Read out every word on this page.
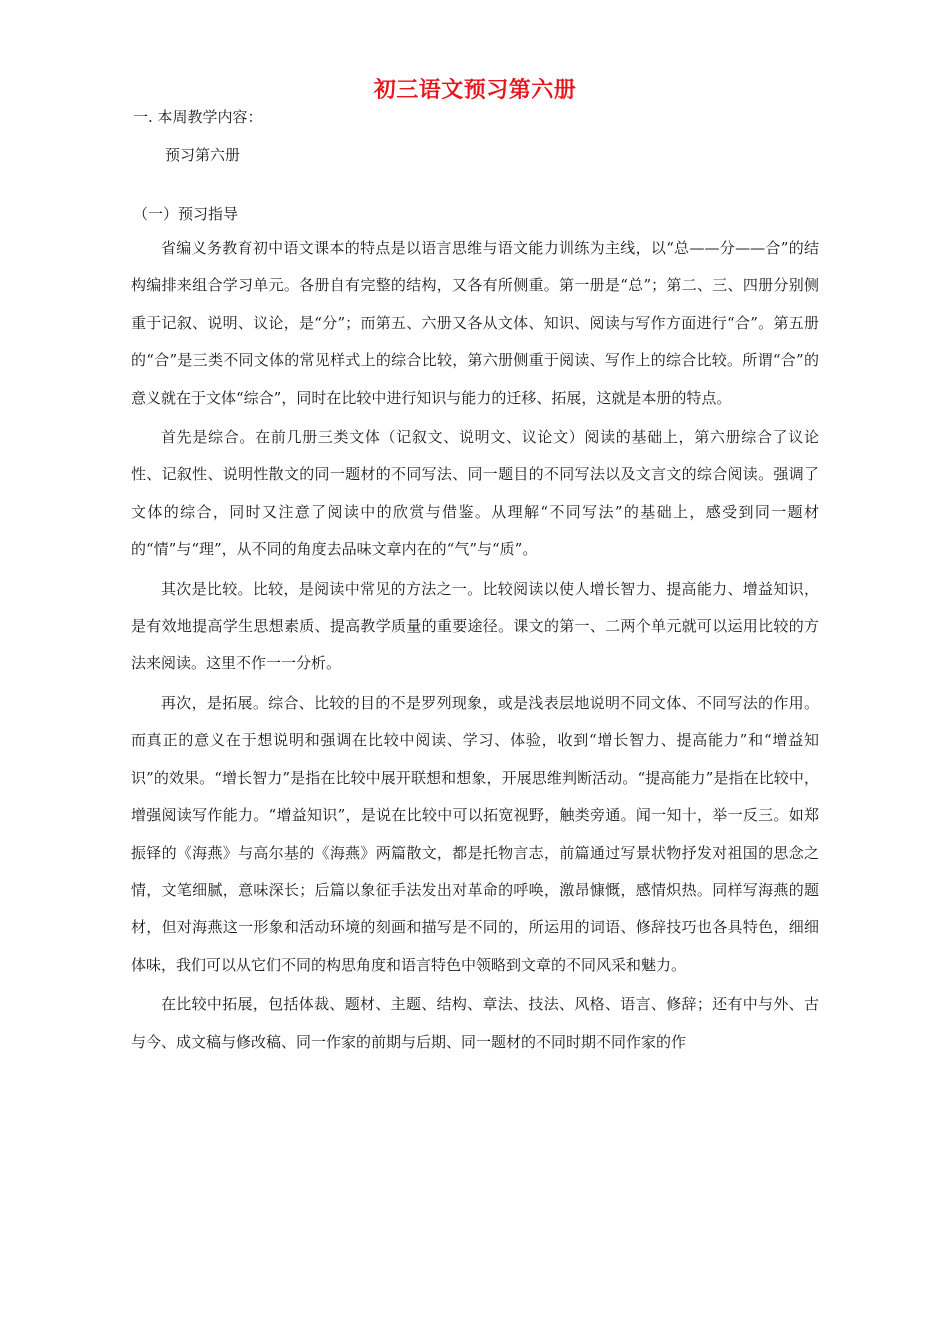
初三语文预习第六册
一. 本周教学内容：
预习第六册
（一）预习指导

省编义务教育初中语文课本的特点是以语言思维与语文能力训练为主线，以“总——分——合”的结构编排来组合学习单元。各册自有完整的结构，又各有所侧重。第一册是“总”；第二、三、四册分别侧重于记叙、说明、议论，是“分”；而第五、六册又各从文体、知识、阅读与写作方面进行“合”。第五册的“合”是三类不同文体的常见样式上的综合比较，第六册侧重于阅读、写作上的综合比较。所谓“合”的意义就在于文体“综合”，同时在比较中进行知识与能力的迁移、拓展，这就是本册的特点。

首先是综合。在前几册三类文体（记叙文、说明文、议论文）阅读的基础上，第六册综合了议论性、记叙性、说明性散文的同一题材的不同写法、同一题目的不同写法以及文言文的综合阅读。强调了文体的综合，同时又注意了阅读中的欣赏与借鉴。从理解“不同写法”的基础上，感受到同一题材的“情”与“理”，从不同的角度去品味文章内在的“气”与“质”。

其次是比较。比较，是阅读中常见的方法之一。比较阅读以使人增长智力、提高能力、增益知识，是有效地提高学生思想素质、提高教学质量的重要途径。课文的第一、二两个单元就可以运用比较的方法来阅读。这里不作一一分析。

再次，是拓展。综合、比较的目的不是罗列现象，或是浅表层地说明不同文体、不同写法的作用。而真正的意义在于想说明和强调在比较中阅读、学习、体验，收到“增长智力、提高能力”和“增益知识”的效果。“增长智力”是指在比较中展开联想和想象，开展思维判断活动。“提高能力”是指在比较中，增强阅读写作能力。“增益知识”，是说在比较中可以拓宽视野，触类旁通。闻一知十，举一反三。如郑振铎的《海燕》与高尔基的《海燕》两篇散文，都是托物言志，前篇通过写景状物抒发对祖国的思念之情，文笔细腻，意味深长；后篇以象征手法发出对革命的呼唤，激昂慷慨，感情炽热。同样写海燕的题材，但对海燕这一形象和活动环境的刻画和描写是不同的，所运用的词语、修辞技巧也各具特色，细细体味，我们可以从它们不同的构思角度和语言特色中领略到文章的不同风采和魅力。

在比较中拓展，包括体裁、题材、主题、结构、章法、技法、风格、语言、修辞；还有中与外、古与今、成文稿与修改稿、同一作家的前期与后期、同一题材的不同时期不同作家的作
